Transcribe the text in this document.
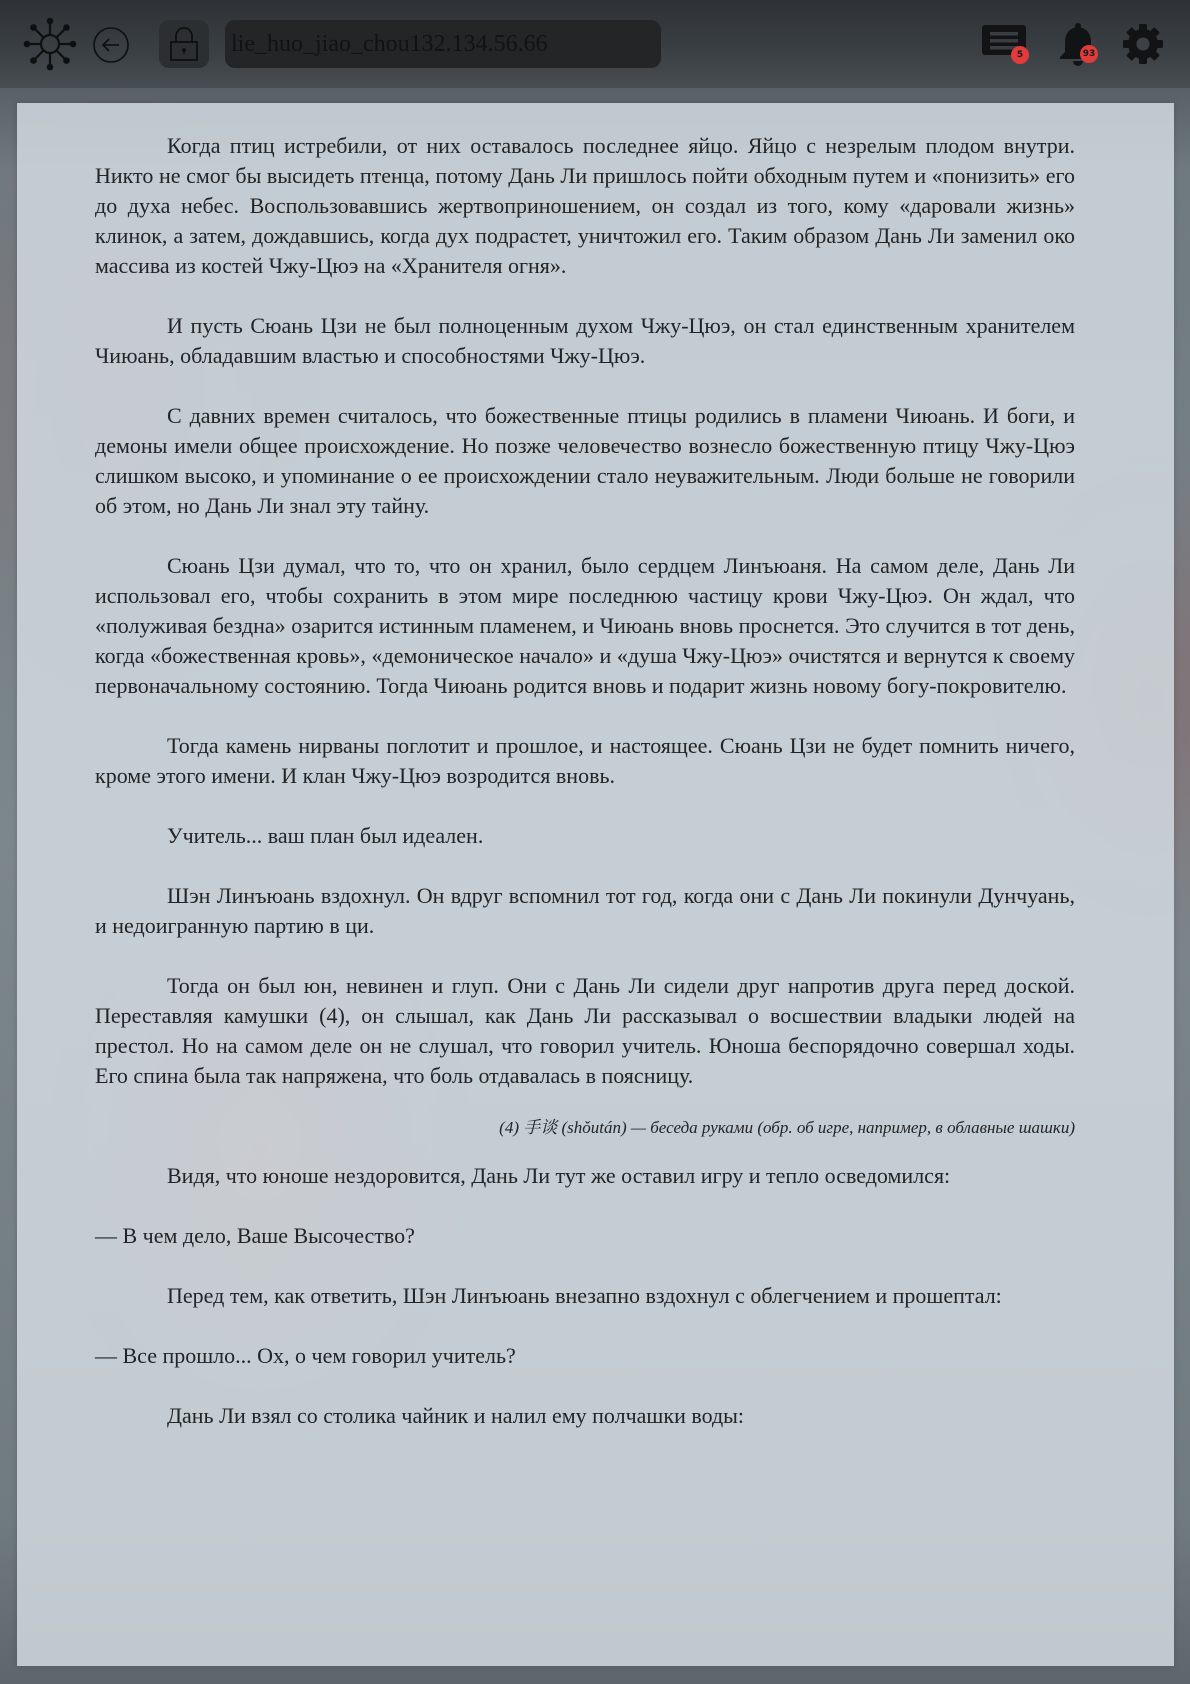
lie_huo_jiao_chou132.134.56.66
5	93

Когда птиц истребили, от них оставалось последнее яйцо. Яйцо с незрелым плодом внутри. Никто не смог бы высидеть птенца, потому Дань Ли пришлось пойти обходным путем и «понизить» его до духа небес. Воспользовавшись жертвоприношением, он создал из того, кому «даровали жизнь» клинок, а затем, дождавшись, когда дух подрастет, уничтожил его. Таким образом Дань Ли заменил око массива из костей Чжу-Цюэ на «Хранителя огня».

И пусть Сюань Цзи не был полноценным духом Чжу-Цюэ, он стал единственным хранителем Чиюань, обладавшим властью и способностями Чжу-Цюэ.

С давних времен считалось, что божественные птицы родились в пламени Чиюань. И боги, и демоны имели общее происхождение. Но позже человечество вознесло божественную птицу Чжу-Цюэ слишком высоко, и упоминание о ее происхождении стало неуважительным. Люди больше не говорили об этом, но Дань Ли знал эту тайну.

Сюань Цзи думал, что то, что он хранил, было сердцем Линъюаня. На самом деле, Дань Ли использовал его, чтобы сохранить в этом мире последнюю частицу крови Чжу-Цюэ. Он ждал, что «полуживая бездна» озарится истинным пламенем, и Чиюань вновь проснется. Это случится в тот день, когда «божественная кровь», «демоническое начало» и «душа Чжу-Цюэ» очистятся и вернутся к своему первоначальному состоянию. Тогда Чиюань родится вновь и подарит жизнь новому богу-покровителю.

Тогда камень нирваны поглотит и прошлое, и настоящее. Сюань Цзи не будет помнить ничего, кроме этого имени. И клан Чжу-Цюэ возродится вновь.

Учитель... ваш план был идеален.

Шэн Линъюань вздохнул. Он вдруг вспомнил тот год, когда они с Дань Ли покинули Дунчуань, и недоигранную партию в ци.

Тогда он был юн, невинен и глуп. Они с Дань Ли сидели друг напротив друга перед доской. Переставляя камушки (4), он слышал, как Дань Ли рассказывал о восшествии владыки людей на престол. Но на самом деле он не слушал, что говорил учитель. Юноша беспорядочно совершал ходы. Его спина была так напряжена, что боль отдавалась в поясницу.

(4) 手谈 (shǒután) — беседа руками (обр. об игре, например, в облавные шашки)

Видя, что юноше нездоровится, Дань Ли тут же оставил игру и тепло осведомился:

— В чем дело, Ваше Высочество?

Перед тем, как ответить, Шэн Линъюань внезапно вздохнул с облегчением и прошептал:

— Все прошло... Ох, о чем говорил учитель?

Дань Ли взял со столика чайник и налил ему полчашки воды:
